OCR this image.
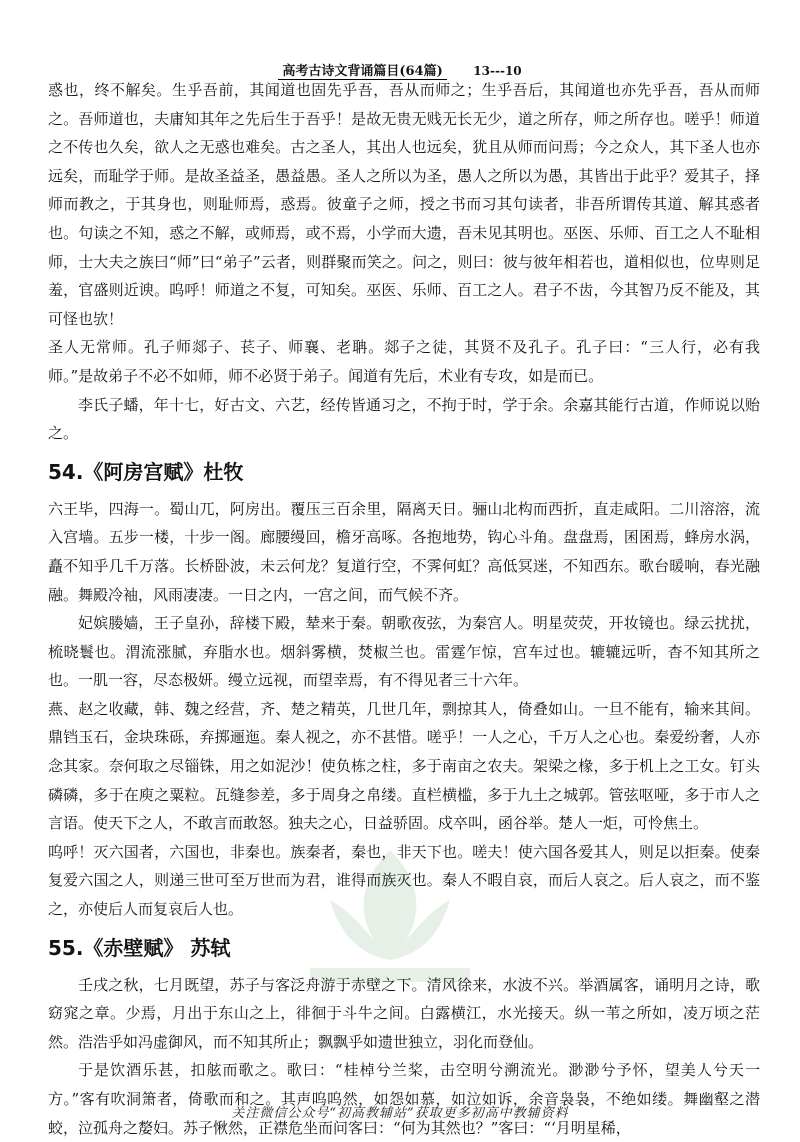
高考古诗文背诵篇目(64篇)	13---10

惑也，终不解矣。生乎吾前，其闻道也固先乎吾，吾从而师之；生乎吾后，其闻道也亦先乎吾，吾从而师之。吾师道也，夫庸知其年之先后生于吾乎！是故无贵无贱无长无少，道之所存，师之所存也。嗟乎！师道之不传也久矣，欲人之无惑也难矣。古之圣人，其出人也远矣，犹且从师而问焉；今之众人，其下圣人也亦远矣，而耻学于师。是故圣益圣，愚益愚。圣人之所以为圣，愚人之所以为愚，其皆出于此乎？爱其子，择师而教之，于其身也，则耻师焉，惑焉。彼童子之师，授之书而习其句读者，非吾所谓传其道、解其惑者也。句读之不知，惑之不解，或师焉，或不焉，小学而大遗，吾未见其明也。巫医、乐师、百工之人不耻相师，士大夫之族曰“师”曰“弟子”云者，则群聚而笑之。问之，则曰：彼与彼年相若也，道相似也，位卑则足羞，官盛则近谀。呜呼！师道之不复，可知矣。巫医、乐师、百工之人。君子不齿，今其智乃反不能及，其可怪也欤！

圣人无常师。孔子师郯子、苌子、师襄、老聃。郯子之徒，其贤不及孔子。孔子曰：“三人行，必有我师。”是故弟子不必不如师，师不必贤于弟子。闻道有先后，术业有专攻，如是而已。

李氏子蟠，年十七，好古文、六艺，经传皆通习之，不拘于时，学于余。余嘉其能行古道，作师说以贻之。

54.《阿房宫赋》杜牧

六王毕，四海一。蜀山兀，阿房出。覆压三百余里，隔离天日。骊山北构而西折，直走咸阳。二川溶溶，流入宫墙。五步一楼，十步一阁。廊腰缦回，檐牙高啄。各抱地势，钩心斗角。盘盘焉，囷囷焉，蜂房水涡，矗不知乎几千万落。长桥卧波，未云何龙？复道行空，不霁何虹？高低冥迷，不知西东。歌台暖响，春光融融。舞殿冷袖，风雨凄凄。一日之内，一宫之间，而气候不齐。

妃嫔媵嫱，王子皇孙，辞楼下殿，辇来于秦。朝歌夜弦，为秦宫人。明星荧荧，开妆镜也。绿云扰扰，梳晓鬟也。渭流涨腻，弃脂水也。烟斜雾横，焚椒兰也。雷霆乍惊，宫车过也。辘辘远听，杳不知其所之也。一肌一容，尽态极妍。缦立远视，而望幸焉，有不得见者三十六年。

燕、赵之收藏，韩、魏之经营，齐、楚之精英，几世几年，剽掠其人，倚叠如山。一旦不能有，输来其间。鼎铛玉石，金块珠砾，弃掷逦迤。秦人视之，亦不甚惜。嗟乎！一人之心，千万人之心也。秦爱纷奢，人亦念其家。奈何取之尽锱铢，用之如泥沙！使负栋之柱，多于南亩之农夫。架梁之椽，多于机上之工女。钉头磷磷，多于在庾之粟粒。瓦缝参差，多于周身之帛缕。直栏横槛，多于九土之城郭。管弦呕哑，多于市人之言语。使天下之人，不敢言而敢怒。独夫之心，日益骄固。戍卒叫，函谷举。楚人一炬，可怜焦土。

呜呼！灭六国者，六国也，非秦也。族秦者，秦也，非天下也。嗟夫！使六国各爱其人，则足以拒秦。使秦复爱六国之人，则递三世可至万世而为君，谁得而族灭也。秦人不暇自哀，而后人哀之。后人哀之，而不鉴之，亦使后人而复哀后人也。

55.《赤壁赋》 苏轼

壬戌之秋，七月既望，苏子与客泛舟游于赤壁之下。清风徐来，水波不兴。举酒属客，诵明月之诗，歌窈窕之章。少焉，月出于东山之上，徘徊于斗牛之间。白露横江，水光接天。纵一苇之所如，凌万顷之茫然。浩浩乎如冯虚御风，而不知其所止；飘飘乎如遗世独立，羽化而登仙。

于是饮酒乐甚，扣舷而歌之。歌曰：“桂棹兮兰桨，击空明兮溯流光。渺渺兮予怀，望美人兮天一方。”客有吹洞箫者，倚歌而和之。其声呜呜然，如怨如慕，如泣如诉，余音袅袅，不绝如缕。舞幽壑之潜蛟，泣孤舟之嫠妇。苏子愀然，正襟危坐而问客曰：“何为其然也？”客曰：“‘月明星稀，

关注微信公众号“初高教辅站”获取更多初高中教辅资料
